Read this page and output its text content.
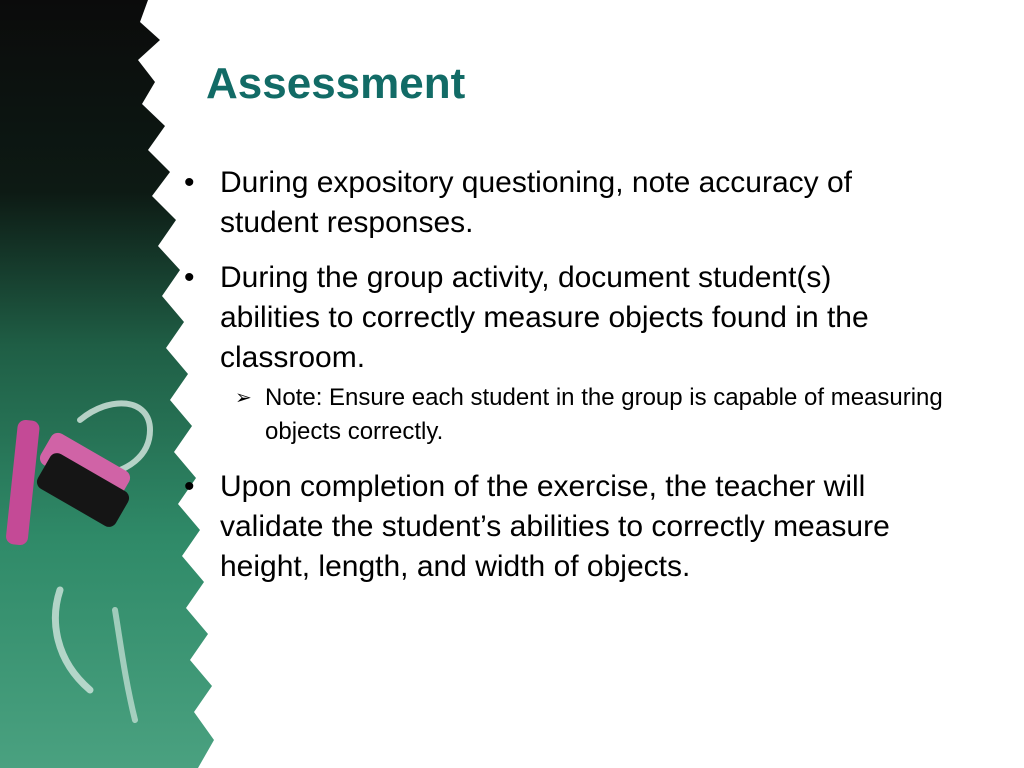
Assessment
• During expository questioning, note accuracy of student responses.
• During the group activity, document student(s) abilities to correctly measure objects found in the classroom.
➢ Note: Ensure each student in the group is capable of measuring objects correctly.
• Upon completion of the exercise, the teacher will validate the student’s abilities to correctly measure height, length, and width of objects.
